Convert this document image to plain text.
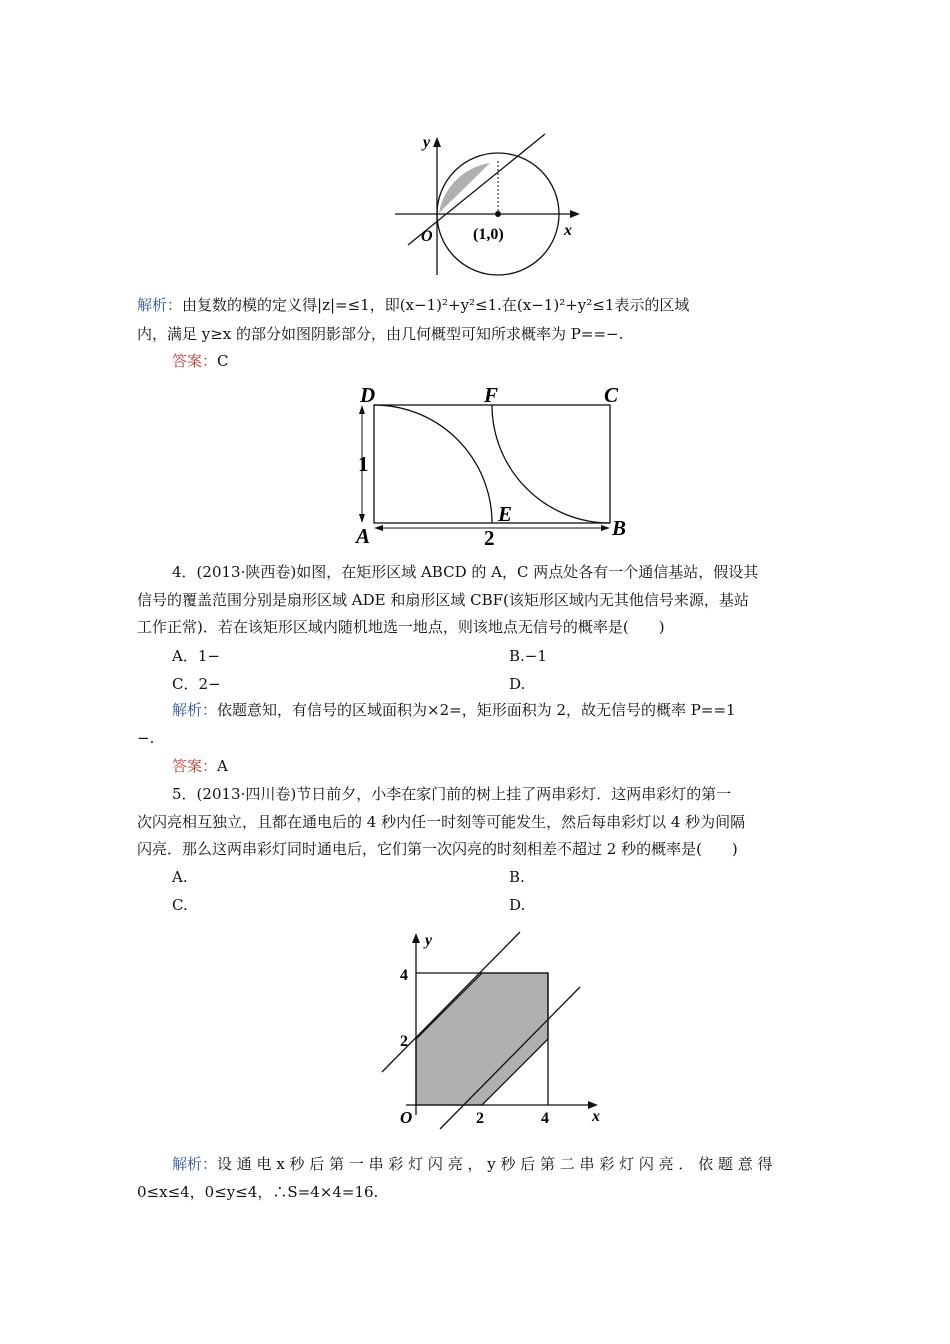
y
x
O	(1,0)
解析：由复数的模的定义得|z|=≤1，即(x−1)²+y²≤1.在(x−1)²+y²≤1表示的区域
内，满足 y≥x 的部分如图阴影部分，由几何概型可知所求概率为 P==−.
答案：C
D	F	C
A
E
B
1
2
4．(2013·陕西卷)如图，在矩形区域 ABCD 的 A，C 两点处各有一个通信基站，假设其
信号的覆盖范围分别是扇形区域 ADE 和扇形区域 CBF(该矩形区域内无其他信号来源，基站
工作正常)．若在该矩形区域内随机地选一地点，则该地点无信号的概率是(　　)
A．1−	B.−1
C．2−	D.
解析：依题意知，有信号的区域面积为×2=，矩形面积为 2，故无信号的概率 P==1
−.
答案：A
5．(2013·四川卷)节日前夕，小李在家门前的树上挂了两串彩灯．这两串彩灯的第一
次闪亮相互独立，且都在通电后的 4 秒内任一时刻等可能发生，然后每串彩灯以 4 秒为间隔
闪亮．那么这两串彩灯同时通电后，它们第一次闪亮的时刻相差不超过 2 秒的概率是(　　)
A.	B.
C.	D.
y
x
O	2	4
2
4
解析：设 通 电 x 秒 后 第 一 串 彩 灯 闪 亮 ， y 秒 后 第 二 串 彩 灯 闪 亮 ． 依 题 意 得
0≤x≤4，0≤y≤4，∴S=4×4=16.
